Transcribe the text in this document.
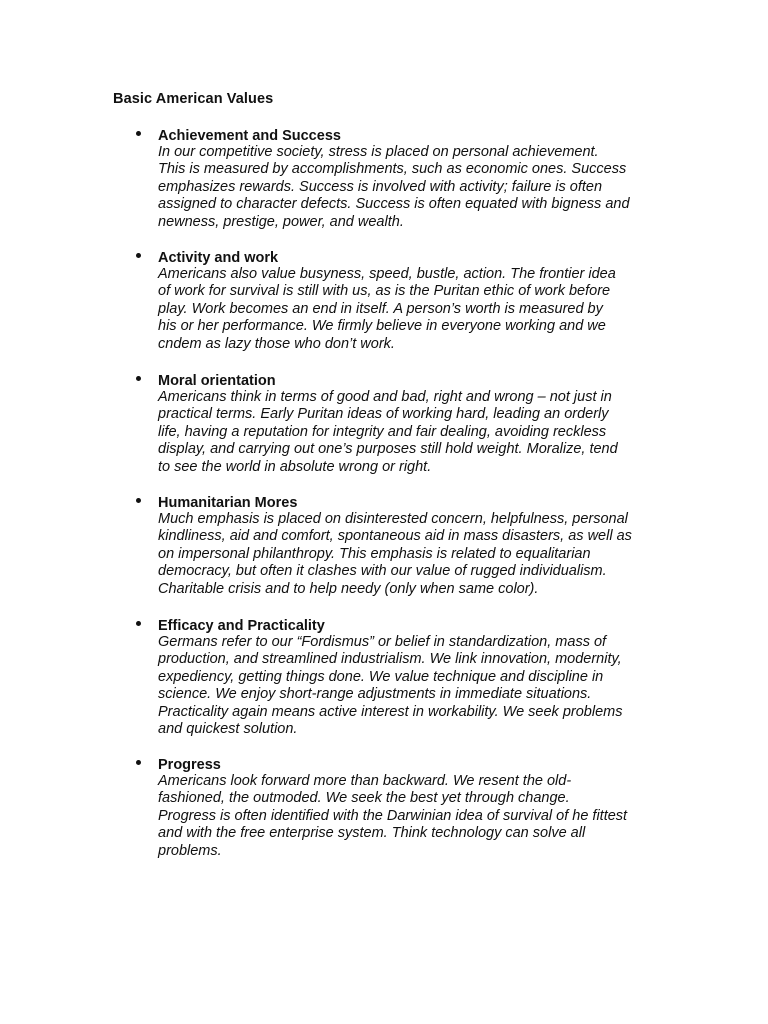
Basic American Values
Achievement and Success

In our competitive society, stress is placed on personal achievement.
This is measured by accomplishments, such as economic ones. Success
emphasizes rewards. Success is involved with activity; failure is often
assigned to character defects. Success is often equated with bigness and
newness, prestige, power, and wealth.

Activity and work

Americans also value busyness, speed, bustle, action. The frontier idea
of work for survival is still with us, as is the Puritan ethic of work before
play. Work becomes an end in itself. A person’s worth is measured by
his or her performance. We firmly believe in everyone working and we
cndem as lazy those who don’t work.

Moral orientation

Americans think in terms of good and bad, right and wrong – not just in
practical terms. Early Puritan ideas of working hard, leading an orderly
life, having a reputation for integrity and fair dealing, avoiding reckless
display, and carrying out one’s purposes still hold weight. Moralize, tend
to see the world in absolute wrong or right.

Humanitarian Mores

Much emphasis is placed on disinterested concern, helpfulness, personal
kindliness, aid and comfort, spontaneous aid in mass disasters, as well as
on impersonal philanthropy. This emphasis is related to equalitarian
democracy, but often it clashes with our value of rugged individualism.
Charitable crisis and to help needy (only when same color).

Efficacy and Practicality

Germans refer to our “Fordismus” or belief in standardization, mass of
production, and streamlined industrialism. We link innovation, modernity,
expediency, getting things done. We value technique and discipline in
science. We enjoy short-range adjustments in immediate situations.
Practicality again means active interest in workability. We seek problems
and quickest solution.

Progress

Americans look forward more than backward. We resent the old-
fashioned, the outmoded. We seek the best yet through change.
Progress is often identified with the Darwinian idea of survival of he fittest
and with the free enterprise system. Think technology can solve all
problems.
